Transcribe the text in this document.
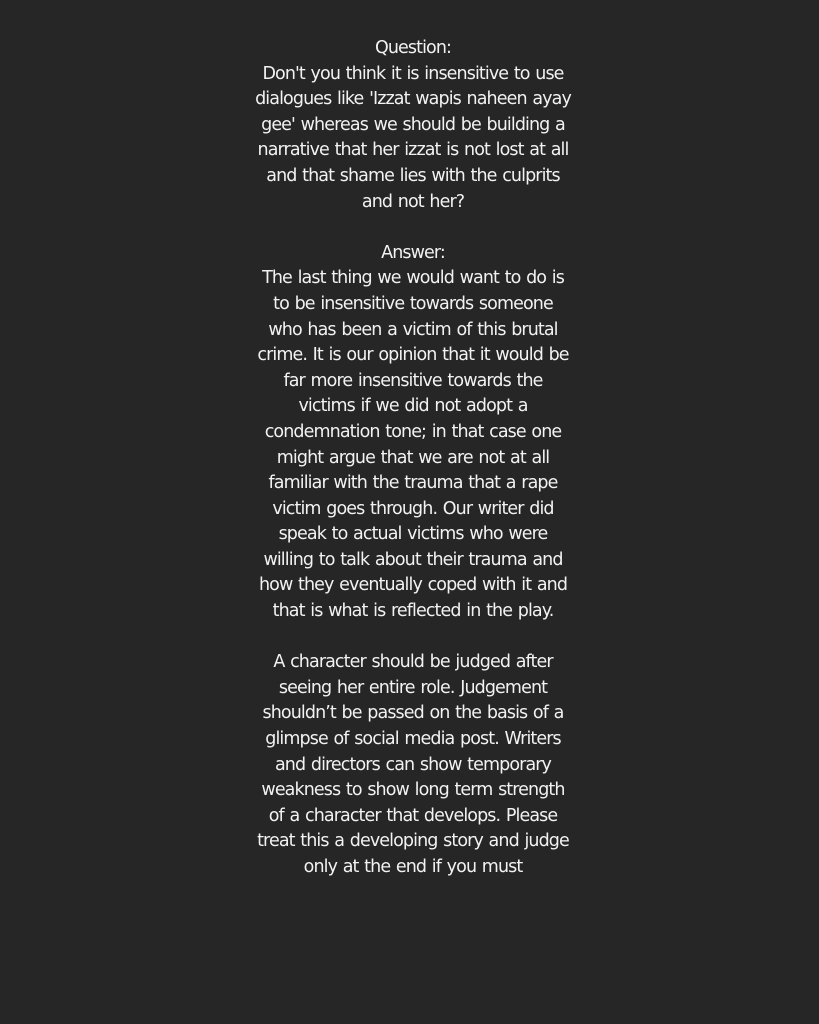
Question:

Don't you think it is insensitive to use dialogues like 'Izzat wapis naheen ayay gee' whereas we should be building a narrative that her izzat is not lost at all and that shame lies with the culprits and not her?

Answer:

The last thing we would want to do is to be insensitive towards someone who has been a victim of this brutal crime. It is our opinion that it would be far more insensitive towards the victims if we did not adopt a condemnation tone; in that case one might argue that we are not at all familiar with the trauma that a rape victim goes through. Our writer did speak to actual victims who were willing to talk about their trauma and how they eventually coped with it and that is what is reflected in the play.

A character should be judged after seeing her entire role. Judgement shouldn’t be passed on the basis of a glimpse of social media post. Writers and directors can show temporary weakness to show long term strength of a character that develops. Please treat this a developing story and judge only at the end if you must
